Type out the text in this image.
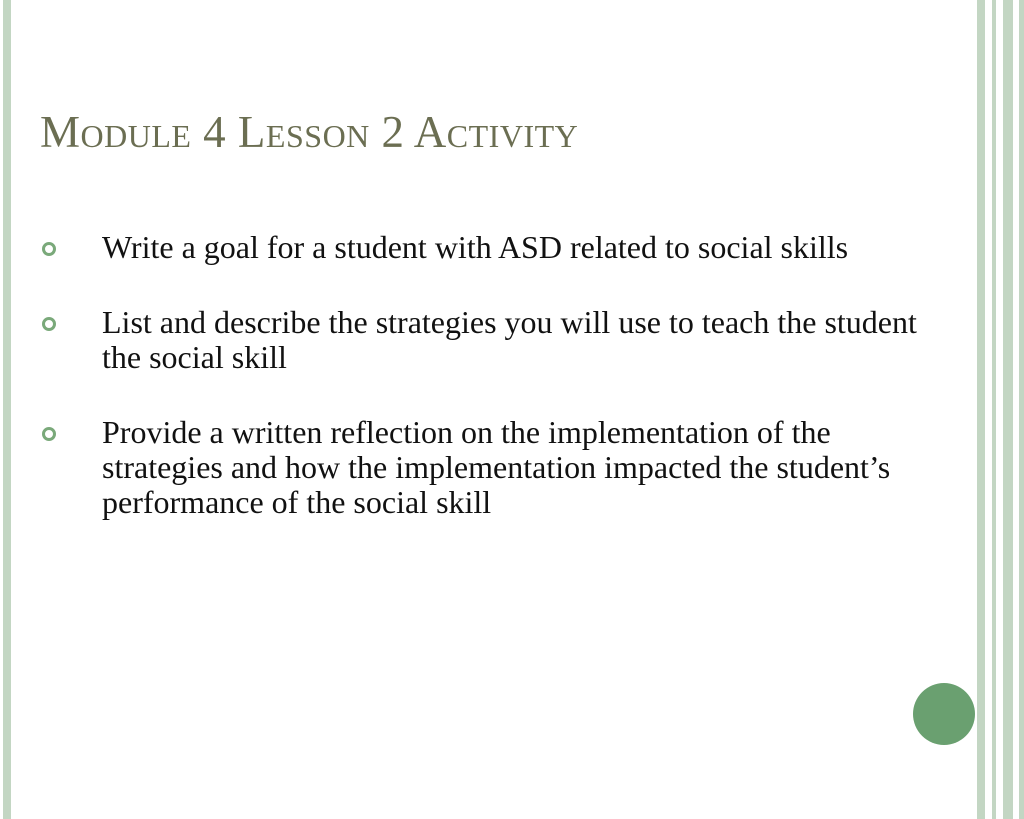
Module 4 Lesson 2 Activity
Write a goal for a student with ASD related to social skills
List and describe the strategies you will use to teach the student the social skill
Provide a written reflection on the implementation of the strategies and how the implementation impacted the student’s performance of the social skill
